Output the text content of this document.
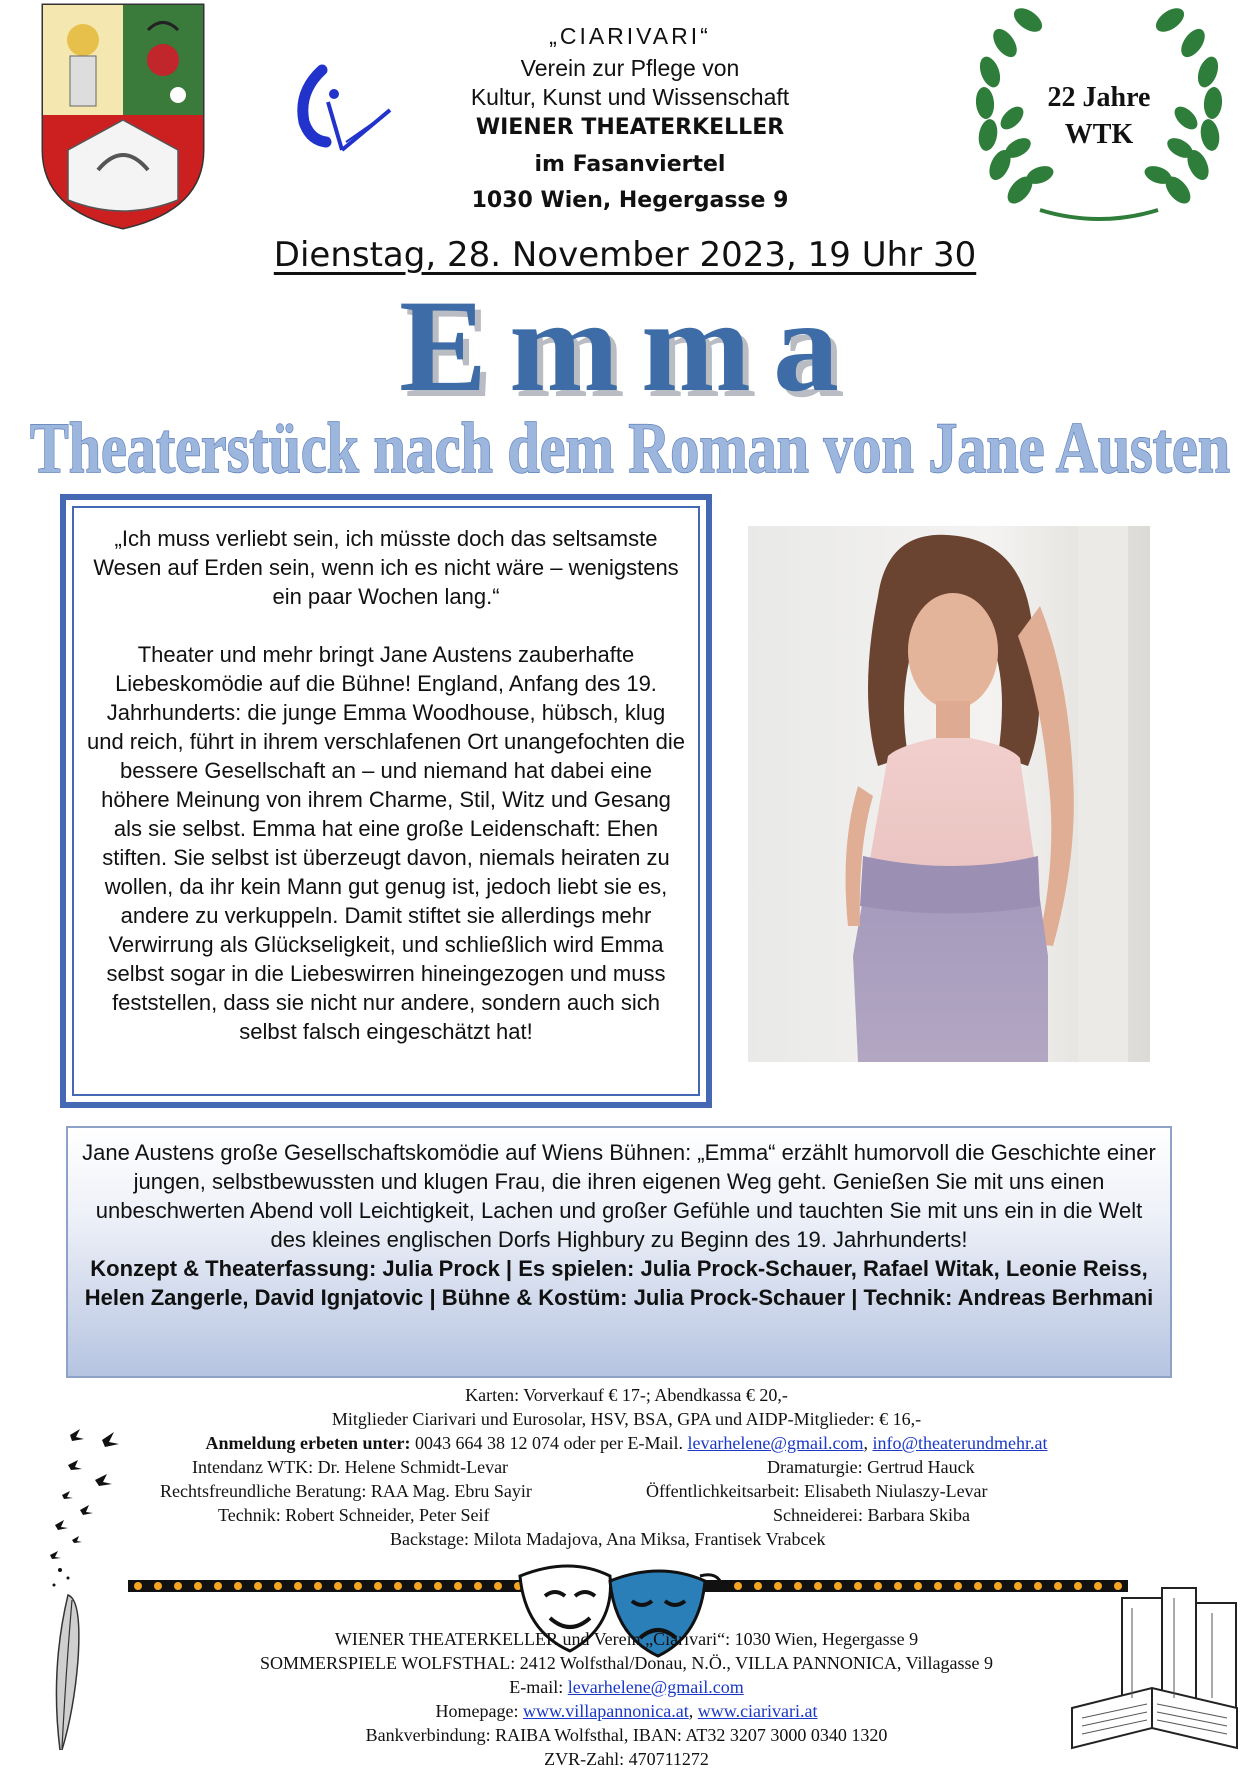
„CIARIVARI“
Verein zur Pflege von
Kultur, Kunst und Wissenschaft
WIENER THEATERKELLER
im Fasanviertel
1030 Wien, Hegergasse 9
22 Jahre
WTK
Dienstag, 28. November 2023, 19 Uhr 30
Emma
Theaterstück nach dem Roman von Jane Austen

„Ich muss verliebt sein, ich müsste doch das seltsamste Wesen auf Erden sein, wenn ich es nicht wäre – wenigstens ein paar Wochen lang.“

Theater und mehr bringt Jane Austens zauberhafte Liebeskomödie auf die Bühne! England, Anfang des 19. Jahrhunderts: die junge Emma Woodhouse, hübsch, klug und reich, führt in ihrem verschlafenen Ort unangefochten die bessere Gesellschaft an – und niemand hat dabei eine höhere Meinung von ihrem Charme, Stil, Witz und Gesang als sie selbst. Emma hat eine große Leidenschaft: Ehen stiften. Sie selbst ist überzeugt davon, niemals heiraten zu wollen, da ihr kein Mann gut genug ist, jedoch liebt sie es, andere zu verkuppeln. Damit stiftet sie allerdings mehr Verwirrung als Glückseligkeit, und schließlich wird Emma selbst sogar in die Liebeswirren hineingezogen und muss feststellen, dass sie nicht nur andere, sondern auch sich selbst falsch eingeschätzt hat!

Jane Austens große Gesellschaftskomödie auf Wiens Bühnen: „Emma“ erzählt humorvoll die Geschichte einer jungen, selbstbewussten und klugen Frau, die ihren eigenen Weg geht. Genießen Sie mit uns einen unbeschwerten Abend voll Leichtigkeit, Lachen und großer Gefühle und tauchten Sie mit uns ein in die Welt des kleines englischen Dorfs Highbury zu Beginn des 19. Jahrhunderts!

Konzept & Theaterfassung: Julia Prock | Es spielen: Julia Prock-Schauer, Rafael Witak, Leonie Reiss, Helen Zangerle, David Ignjatovic | Bühne & Kostüm: Julia Prock-Schauer | Technik: Andreas Berhmani

Karten: Vorverkauf € 17-; Abendkassa € 20,-
Mitglieder Ciarivari und Eurosolar, HSV, BSA, GPA und AIDP-Mitglieder: € 16,-
Anmeldung erbeten unter: 0043 664 38 12 074 oder per E-Mail. levarhelene@gmail.com, info@theaterundmehr.at
Intendanz WTK: Dr. Helene Schmidt-Levar	Dramaturgie: Gertrud Hauck
Rechtsfreundliche Beratung: RAA Mag. Ebru Sayir	Öffentlichkeitsarbeit: Elisabeth Niulaszy-Levar
Technik: Robert Schneider, Peter Seif	Schneiderei: Barbara Skiba
Backstage: Milota Madajova, Ana Miksa, Frantisek Vrabcek
WIENER THEATERKELLER und Verein „Ciarivari“: 1030 Wien, Hegergasse 9
SOMMERSPIELE WOLFSTHAL: 2412 Wolfsthal/Donau, N.Ö., VILLA PANNONICA, Villagasse 9
E-mail: levarhelene@gmail.com
Homepage: www.villapannonica.at, www.ciarivari.at
Bankverbindung: RAIBA Wolfsthal, IBAN: AT32 3207 3000 0340 1320
ZVR-Zahl: 470711272
